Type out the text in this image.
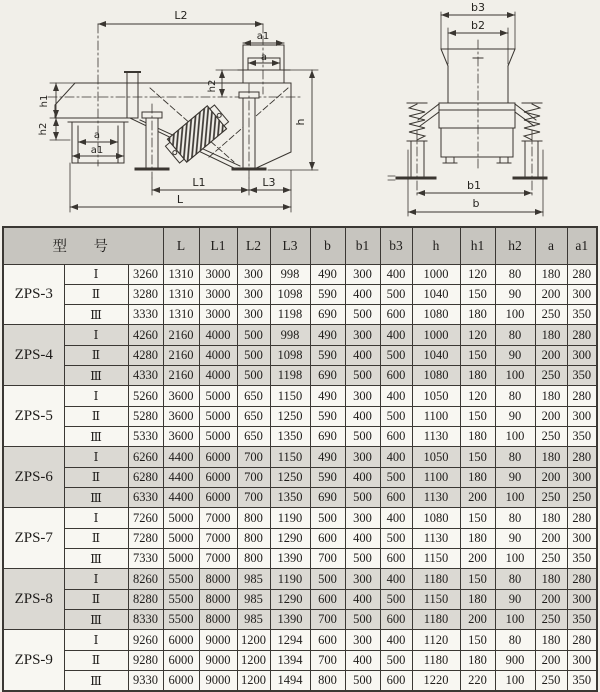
L2
a1
a
h2
h1
h2
a
a1
h
L1	L3
L
b3
b2
b1
b
型　号			L	L1	L2	L3	b	b1	b3	h	h1	h2	a	a1
ZPS-3	Ⅰ	3260	1310	3000	300	998	490	300	400	1000	120	80	180	280
	Ⅱ	3280	1310	3000	300	1098	590	400	500	1040	150	90	200	300
	Ⅲ	3330	1310	3000	300	1198	690	500	600	1080	180	100	250	350
ZPS-4	Ⅰ	4260	2160	4000	500	998	490	300	400	1000	120	80	180	280
	Ⅱ	4280	2160	4000	500	1098	590	400	500	1040	150	90	200	300
	Ⅲ	4330	2160	4000	500	1198	690	500	600	1080	180	100	250	350
ZPS-5	Ⅰ	5260	3600	5000	650	1150	490	300	400	1050	120	80	180	280
	Ⅱ	5280	3600	5000	650	1250	590	400	500	1100	150	90	200	300
	Ⅲ	5330	3600	5000	650	1350	690	500	600	1130	180	100	250	350
ZPS-6	Ⅰ	6260	4400	6000	700	1150	490	300	400	1050	150	80	180	280
	Ⅱ	6280	4400	6000	700	1250	590	400	500	1100	180	90	200	300
	Ⅲ	6330	4400	6000	700	1350	690	500	600	1130	200	100	250	250
ZPS-7	Ⅰ	7260	5000	7000	800	1190	500	300	400	1080	150	80	180	280
	Ⅱ	7280	5000	7000	800	1290	600	400	500	1130	180	90	200	300
	Ⅲ	7330	5000	7000	800	1390	700	500	600	1150	200	100	250	350
ZPS-8	Ⅰ	8260	5500	8000	985	1190	500	300	400	1180	150	80	180	280
	Ⅱ	8280	5500	8000	985	1290	600	400	500	1150	180	90	200	300
	Ⅲ	8330	5500	8000	985	1390	700	500	600	1180	200	100	250	350
ZPS-9	Ⅰ	9260	6000	9000	1200	1294	600	300	400	1120	150	80	180	280
	Ⅱ	9280	6000	9000	1200	1394	700	400	500	1180	180	900	200	300
	Ⅲ	9330	6000	9000	1200	1494	800	500	600	1220	220	100	250	350
